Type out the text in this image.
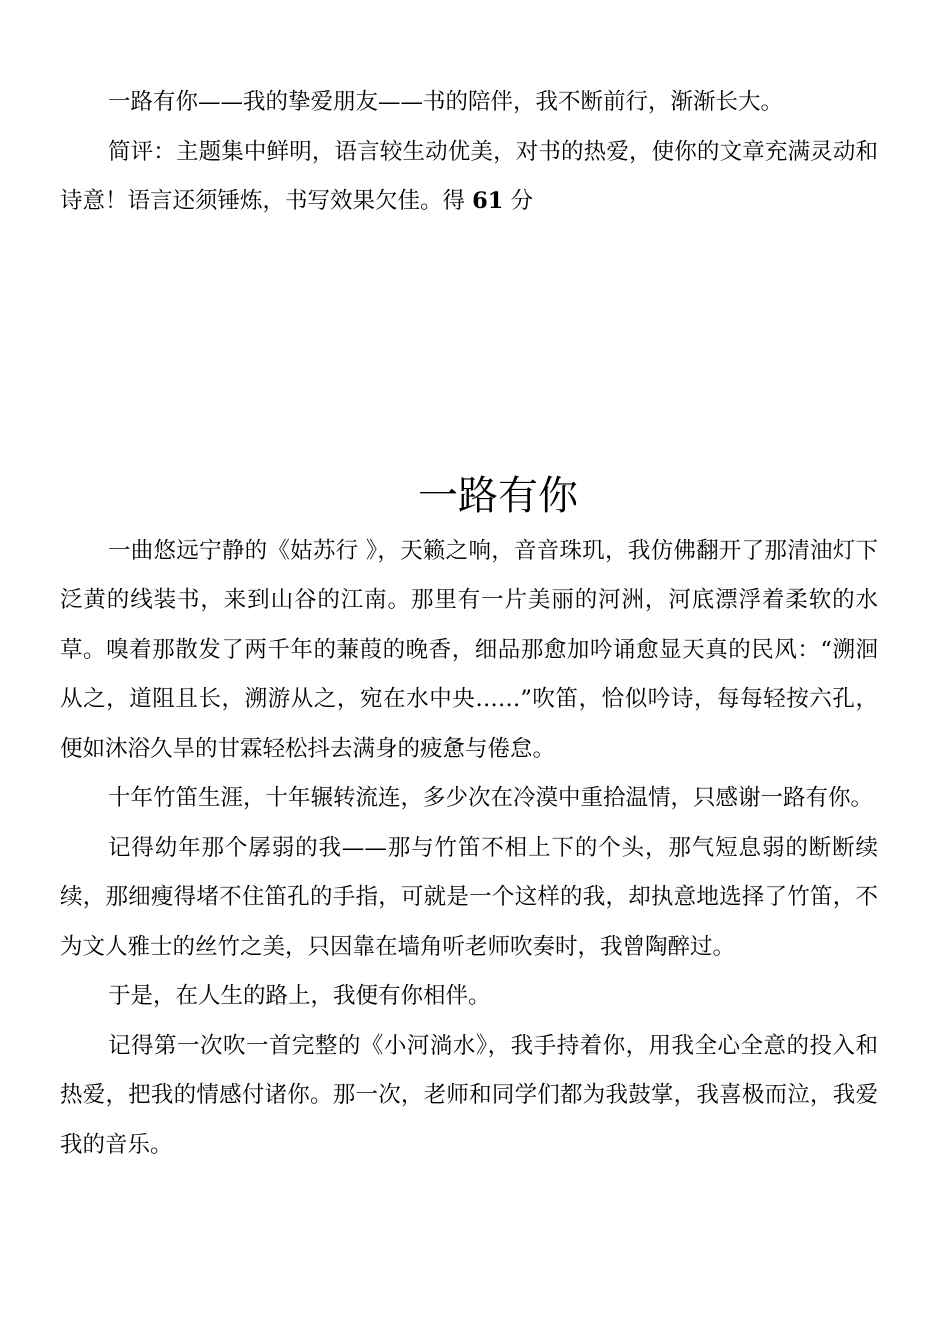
一路有你——我的挚爱朋友——书的陪伴，我不断前行，渐渐长大。

简评：主题集中鲜明，语言较生动优美，对书的热爱，使你的文章充满灵动和诗意！语言还须锤炼，书写效果欠佳。得 61 分

一路有你

一曲悠远宁静的《姑苏行 》，天籁之响，音音珠玑，我仿佛翻开了那清油灯下泛黄的线装书，来到山谷的江南。那里有一片美丽的河洲，河底漂浮着柔软的水草。嗅着那散发了两千年的蒹葭的晚香，细品那愈加吟诵愈显天真的民风：“溯洄从之，道阻且长，溯游从之，宛在水中央……”吹笛，恰似吟诗，每每轻按六孔，便如沐浴久旱的甘霖轻松抖去满身的疲惫与倦怠。

十年竹笛生涯，十年辗转流连，多少次在冷漠中重拾温情，只感谢一路有你。

记得幼年那个孱弱的我——那与竹笛不相上下的个头，那气短息弱的断断续续，那细瘦得堵不住笛孔的手指，可就是一个这样的我，却执意地选择了竹笛，不为文人雅士的丝竹之美，只因靠在墙角听老师吹奏时，我曾陶醉过。

于是，在人生的路上，我便有你相伴。

记得第一次吹一首完整的《小河淌水》，我手持着你，用我全心全意的投入和热爱，把我的情感付诸你。那一次，老师和同学们都为我鼓掌，我喜极而泣，我爱我的音乐。
